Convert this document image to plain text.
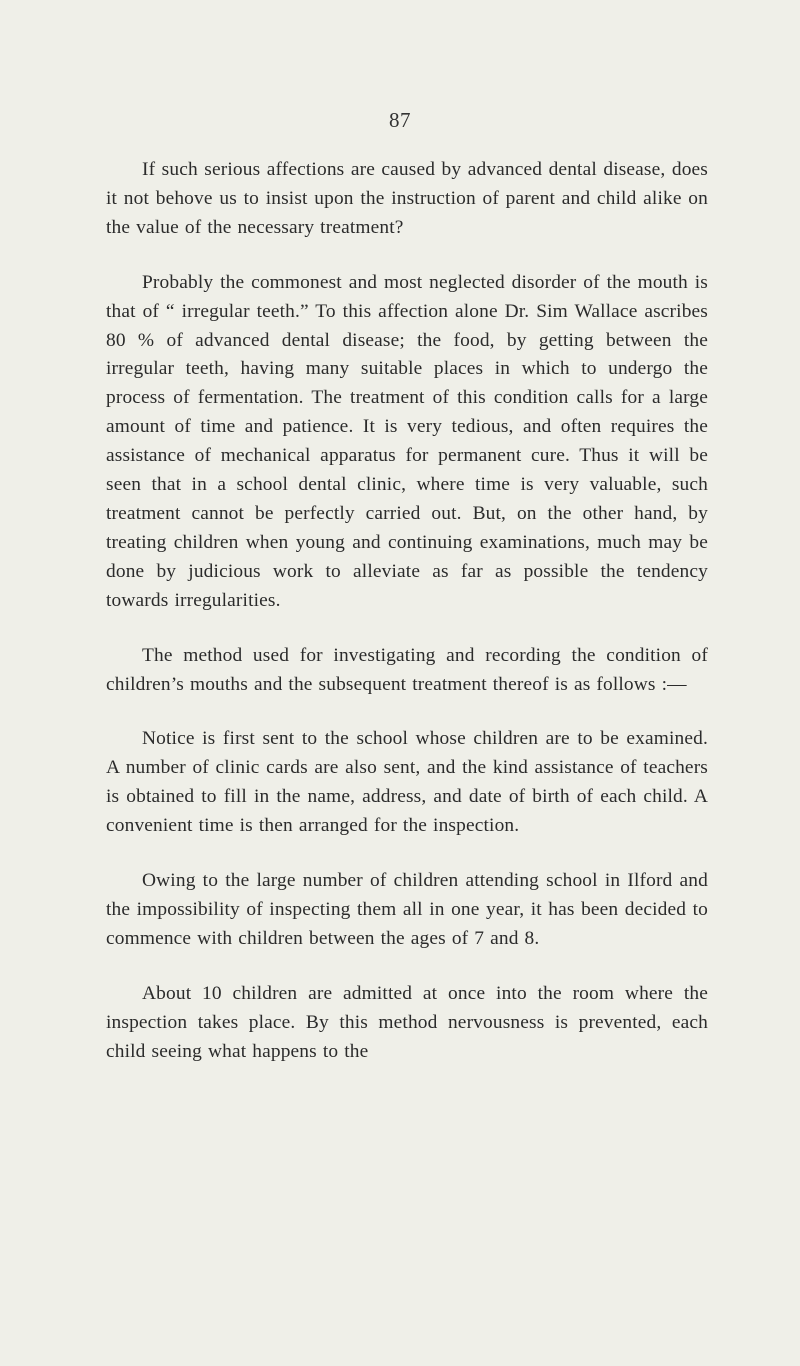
87

If such serious affections are caused by advanced dental disease, does it not behove us to insist upon the instruction of parent and child alike on the value of the necessary treatment?

Probably the commonest and most neglected disorder of the mouth is that of “ irregular teeth.” To this affection alone Dr. Sim Wallace ascribes 80 % of advanced dental disease; the food, by getting between the irregular teeth, having many suitable places in which to undergo the process of fermentation. The treatment of this condition calls for a large amount of time and patience. It is very tedious, and often requires the assistance of mechanical apparatus for permanent cure. Thus it will be seen that in a school dental clinic, where time is very valuable, such treatment cannot be perfectly carried out. But, on the other hand, by treating children when young and continuing examinations, much may be done by judicious work to alleviate as far as possible the tendency towards irregularities.

The method used for investigating and recording the condition of children’s mouths and the subsequent treatment thereof is as follows :—

Notice is first sent to the school whose children are to be examined. A number of clinic cards are also sent, and the kind assistance of teachers is obtained to fill in the name, address, and date of birth of each child. A convenient time is then arranged for the inspection.

Owing to the large number of children attending school in Ilford and the impossibility of inspecting them all in one year, it has been decided to commence with children between the ages of 7 and 8.

About 10 children are admitted at once into the room where the inspection takes place. By this method nervousness is prevented, each child seeing what happens to the
